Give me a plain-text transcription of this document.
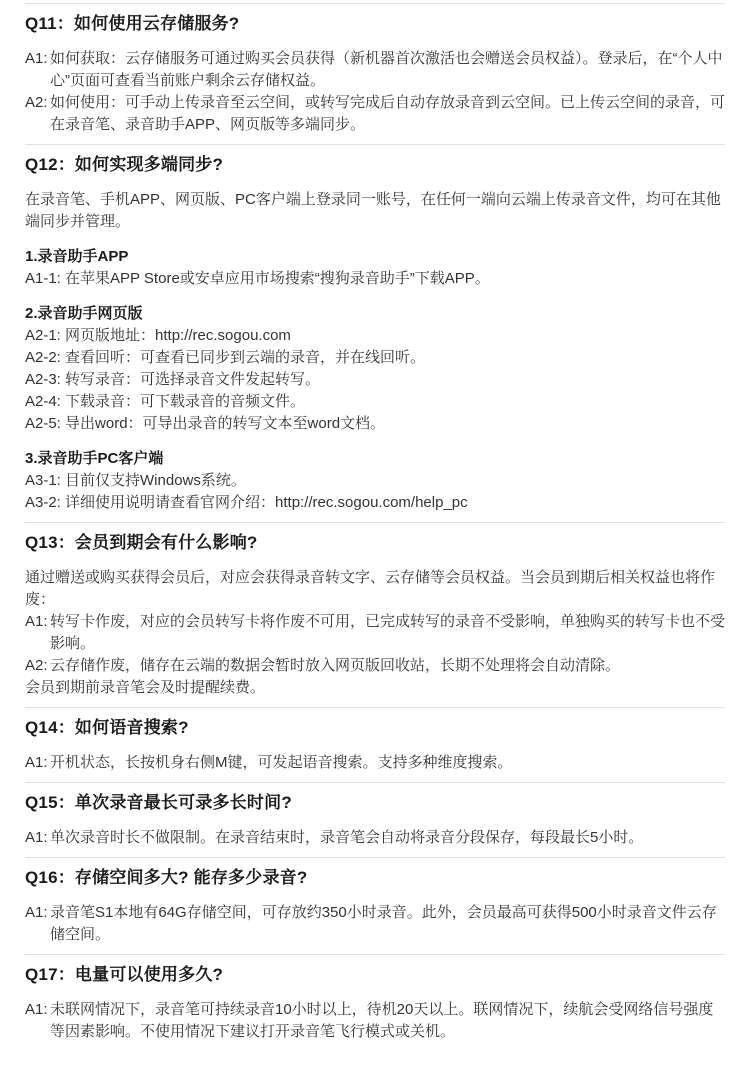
Q11：如何使用云存储服务?
A1: 如何获取：云存储服务可通过购买会员获得（新机器首次激活也会赠送会员权益）。登录后，在“个人中心”页面可查看当前账户剩余云存储权益。
A2: 如何使用：可手动上传录音至云空间，或转写完成后自动存放录音到云空间。已上传云空间的录音，可在录音笔、录音助手APP、网页版等多端同步。
Q12：如何实现多端同步?

在录音笔、手机APP、网页版、PC客户端上登录同一账号，在任何一端向云端上传录音文件，均可在其他端同步并管理。

1.录音助手APP
A1-1: 在苹果APP Store或安卓应用市场搜索“搜狗录音助手”下载APP。
2.录音助手网页版
A2-1: 网页版地址：http://rec.sogou.com
A2-2: 查看回听：可查看已同步到云端的录音，并在线回听。
A2-3: 转写录音：可选择录音文件发起转写。
A2-4: 下载录音：可下载录音的音频文件。
A2-5: 导出word：可导出录音的转写文本至word文档。
3.录音助手PC客户端
A3-1: 目前仅支持Windows系统。
A3-2: 详细使用说明请查看官网介绍：http://rec.sogou.com/help_pc
Q13：会员到期会有什么影响?

通过赠送或购买获得会员后，对应会获得录音转文字、云存储等会员权益。当会员到期后相关权益也将作废：

A1: 转写卡作废，对应的会员转写卡将作废不可用，已完成转写的录音不受影响，单独购买的转写卡也不受影响。
A2: 云存储作废，储存在云端的数据会暂时放入网页版回收站，长期不处理将会自动清除。
会员到期前录音笔会及时提醒续费。
Q14：如何语音搜索?
A1: 开机状态，长按机身右侧M键，可发起语音搜索。支持多种维度搜索。
Q15：单次录音最长可录多长时间?
A1: 单次录音时长不做限制。在录音结束时，录音笔会自动将录音分段保存，每段最长5小时。
Q16：存储空间多大? 能存多少录音?
A1: 录音笔S1本地有64G存储空间，可存放约350小时录音。此外，会员最高可获得500小时录音文件云存储空间。
Q17：电量可以使用多久?
A1: 未联网情况下，录音笔可持续录音10小时以上，待机20天以上。联网情况下，续航会受网络信号强度等因素影响。不使用情况下建议打开录音笔飞行模式或关机。
